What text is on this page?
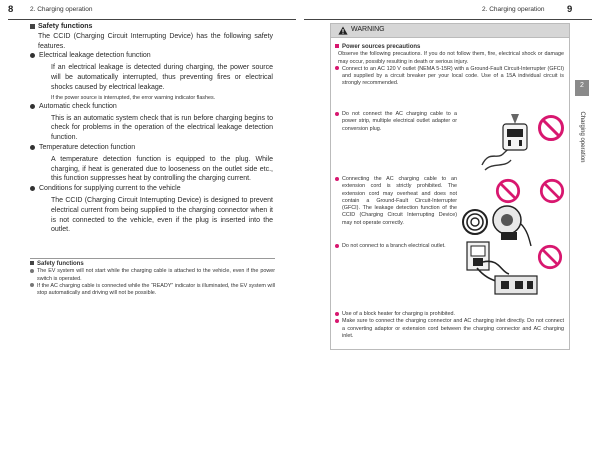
8	2. Charging operation

Safety functions

The CCID (Charging Circuit Interrupting Device) has the following safety features.

Electrical leakage detection function

If an electrical leakage is detected during charging, the power source will be automatically interrupted, thus preventing fires or electrical shocks caused by electrical leakage.

If the power source is interrupted, the error warning indicator flashes.

Automatic check function

This is an automatic system check that is run before charging begins to check for problems in the operation of the electrical leakage detection function.

Temperature detection function

A temperature detection function is equipped to the plug. While charging, if heat is generated due to looseness on the outlet side etc., this function suppresses heat by controlling the charging current.

Conditions for supplying current to the vehicle

The CCID (Charging Circuit Interrupting Device) is designed to prevent electrical current from being supplied to the charging connector when it is not connected to the vehicle, even if the plug is inserted into the outlet.

Safety functions

The EV system will not start while the charging cable is attached to the vehicle, even if the power switch is operated.

If the AC charging cable is connected while the “READY” indicator is illuminated, the EV system will stop automatically and driving will not be possible.

2. Charging operation 9
2
Charging operation
WARNING

Power sources precautions

Observe the following precautions. If you do not follow them, fire, electrical shock or damage may occur, possibly resulting in death or serious injury.

Connect to an AC 120 V outlet (NEMA 5-15R) with a Ground-Fault Circuit-Interrupter (GFCI) and supplied by a circuit breaker per your local code. Use of a 15A individual circuit is strongly recommended.

Do not connect the AC charging cable to a power strip, multiple electrical outlet adapter or conversion plug.

Connecting the AC charging cable to an extension cord is strictly prohibited. The extension cord may overheat and does not contain a Ground-Fault Circuit-Interrupter (GFCI). The leakage detection function of the CCID (Charging Circuit Interrupting Device) may not operate correctly.

Do not connect to a branch electrical outlet.

Use of a block heater for charging is prohibited.

Make sure to connect the charging connector and AC charging inlet directly. Do not connect a converting adaptor or extension cord between the charging connector and AC charging inlet.
